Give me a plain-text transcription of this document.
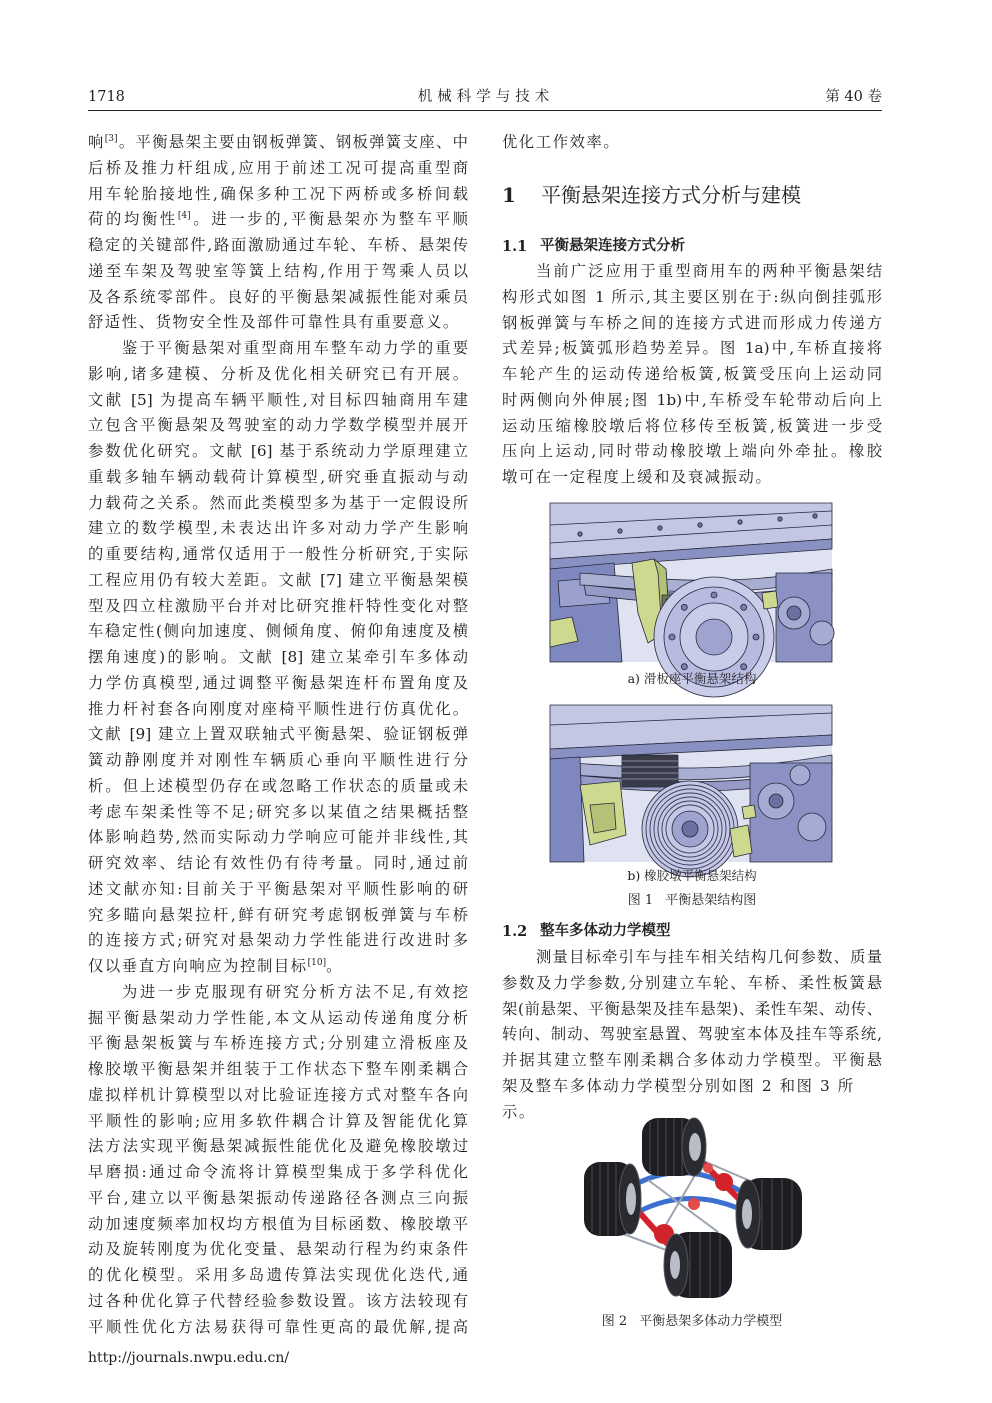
1718	机械科学与技术	第 40 卷
响[3]。平衡悬架主要由钢板弹簧、钢板弹簧支座、中
后桥及推力杆组成,应用于前述工况可提高重型商
用车轮胎接地性,确保多种工况下两桥或多桥间载
荷的均衡性[4]。进一步的,平衡悬架亦为整车平顺
稳定的关键部件,路面激励通过车轮、车桥、悬架传
递至车架及驾驶室等簧上结构,作用于驾乘人员以
及各系统零部件。良好的平衡悬架减振性能对乘员
舒适性、货物安全性及部件可靠性具有重要意义。
鉴于平衡悬架对重型商用车整车动力学的重要
影响,诸多建模、分析及优化相关研究已有开展。
文献 [5] 为提高车辆平顺性,对目标四轴商用车建
立包含平衡悬架及驾驶室的动力学数学模型并展开
参数优化研究。文献 [6] 基于系统动力学原理建立
重载多轴车辆动载荷计算模型,研究垂直振动与动
力载荷之关系。然而此类模型多为基于一定假设所
建立的数学模型,未表达出许多对动力学产生影响
的重要结构,通常仅适用于一般性分析研究,于实际
工程应用仍有较大差距。文献 [7] 建立平衡悬架模
型及四立柱激励平台并对比研究推杆特性变化对整
车稳定性(侧向加速度、侧倾角度、俯仰角速度及横
摆角速度)的影响。文献 [8] 建立某牵引车多体动
力学仿真模型,通过调整平衡悬架连杆布置角度及
推力杆衬套各向刚度对座椅平顺性进行仿真优化。
文献 [9] 建立上置双联轴式平衡悬架、验证钢板弹
簧动静刚度并对刚性车辆质心垂向平顺性进行分
析。但上述模型仍存在或忽略工作状态的质量或未
考虑车架柔性等不足;研究多以某值之结果概括整
体影响趋势,然而实际动力学响应可能并非线性,其
研究效率、结论有效性仍有待考量。同时,通过前
述文献亦知:目前关于平衡悬架对平顺性影响的研
究多瞄向悬架拉杆,鲜有研究考虑钢板弹簧与车桥
的连接方式;研究对悬架动力学性能进行改进时多
仅以垂直方向响应为控制目标[10]。
为进一步克服现有研究分析方法不足,有效挖
掘平衡悬架动力学性能,本文从运动传递角度分析
平衡悬架板簧与车桥连接方式;分别建立滑板座及
橡胶墩平衡悬架并组装于工作状态下整车刚柔耦合
虚拟样机计算模型以对比验证连接方式对整车各向
平顺性的影响;应用多软件耦合计算及智能优化算
法方法实现平衡悬架减振性能优化及避免橡胶墩过
早磨损:通过命令流将计算模型集成于多学科优化
平台,建立以平衡悬架振动传递路径各测点三向振
动加速度频率加权均方根值为目标函数、橡胶墩平
动及旋转刚度为优化变量、悬架动行程为约束条件
的优化模型。采用多岛遗传算法实现优化迭代,通
过各种优化算子代替经验参数设置。该方法较现有
平顺性优化方法易获得可靠性更高的最优解,提高
优化工作效率。
1 平衡悬架连接方式分析与建模
1.1 平衡悬架连接方式分析
当前广泛应用于重型商用车的两种平衡悬架结
构形式如图 1 所示,其主要区别在于:纵向倒挂弧形
钢板弹簧与车桥之间的连接方式进而形成力传递方
式差异;板簧弧形趋势差异。图 1a)中,车桥直接将
车轮产生的运动传递给板簧,板簧受压向上运动同
时两侧向外伸展;图 1b)中,车桥受车轮带动后向上
运动压缩橡胶墩后将位移传至板簧,板簧进一步受
压向上运动,同时带动橡胶墩上端向外牵扯。橡胶
墩可在一定程度上缓和及衰减振动。
a) 滑板座平衡悬架结构
b) 橡胶墩平衡悬架结构
图 1 平衡悬架结构图
1.2 整车多体动力学模型
测量目标牵引车与挂车相关结构几何参数、质量
参数及力学参数,分别建立车轮、车桥、柔性板簧悬
架(前悬架、平衡悬架及挂车悬架)、柔性车架、动传、
转向、制动、驾驶室悬置、驾驶室本体及挂车等系统,
并据其建立整车刚柔耦合多体动力学模型。平衡悬
架及整车多体动力学模型分别如图 2 和图 3 所示。
图 2 平衡悬架多体动力学模型
http://journals.nwpu.edu.cn/
